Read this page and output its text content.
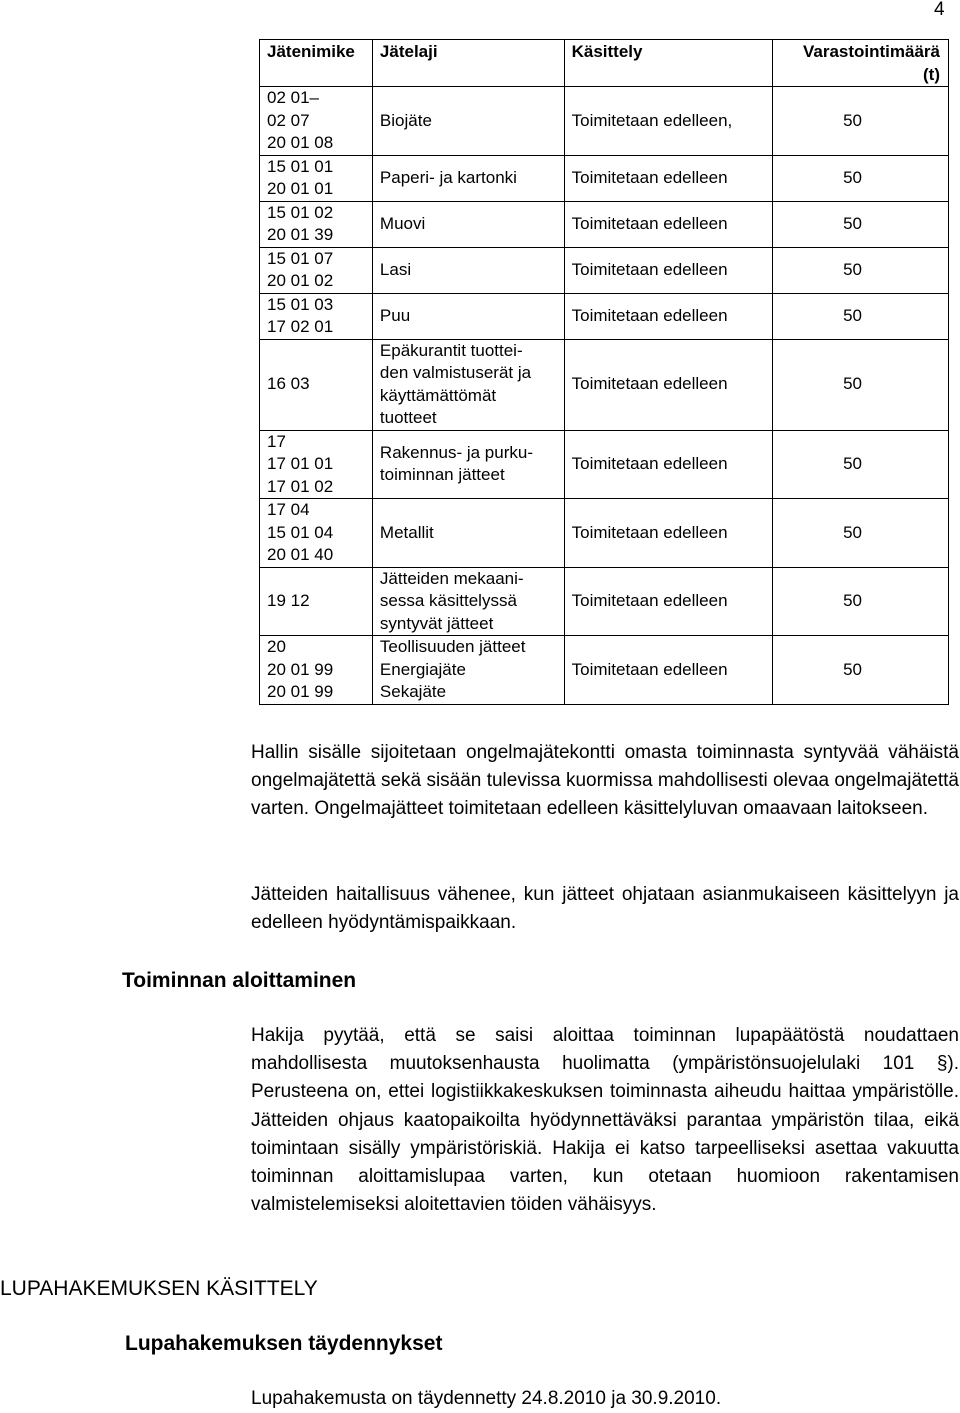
4
Jätenimike	Jätelaji	Käsittely	Varastointimäärä
(t)
02 01–
02 07
20 01 08	Biojäte	Toimitetaan edelleen,	50
15 01 01
20 01 01	Paperi- ja kartonki	Toimitetaan edelleen	50
15 01 02
20 01 39	Muovi	Toimitetaan edelleen	50
15 01 07
20 01 02	Lasi	Toimitetaan edelleen	50
15 01 03
17 02 01	Puu	Toimitetaan edelleen	50
16 03	Epäkurantit tuottei-
den valmistuserät ja
käyttämättömät
tuotteet	Toimitetaan edelleen	50
17
17 01 01
17 01 02	Rakennus- ja purku-
toiminnan jätteet	Toimitetaan edelleen	50
17 04
15 01 04
20 01 40	Metallit	Toimitetaan edelleen	50
19 12	Jätteiden mekaani-
sessa käsittelyssä
syntyvät jätteet	Toimitetaan edelleen	50
20
20 01 99
20 01 99	Teollisuuden jätteet
Energiajäte
Sekajäte	Toimitetaan edelleen	50

Hallin sisälle sijoitetaan ongelmajätekontti omasta toiminnasta syntyvää vähäistä ongelmajätettä sekä sisään tulevissa kuormissa mahdollisesti olevaa ongelmajätettä varten. Ongelmajätteet toimitetaan edelleen käsittelyluvan omaavaan laitokseen.

Jätteiden haitallisuus vähenee, kun jätteet ohjataan asianmukaiseen käsittelyyn ja edelleen hyödyntämispaikkaan.

Toiminnan aloittaminen

Hakija pyytää, että se saisi aloittaa toiminnan lupapäätöstä noudattaen mahdollisesta muutoksenhausta huolimatta (ympäristönsuojelulaki 101 §). Perusteena on, ettei logistiikkakeskuksen toiminnasta aiheudu haittaa ympäristölle. Jätteiden ohjaus kaatopaikoilta hyödynnettäväksi parantaa ympäristön tilaa, eikä toimintaan sisälly ympäristöriskiä. Hakija ei katso tarpeelliseksi asettaa vakuutta toiminnan aloittamislupaa varten, kun otetaan huomioon rakentamisen valmistelemiseksi aloitettavien töiden vähäisyys.

LUPAHAKEMUKSEN KÄSITTELY
Lupahakemuksen täydennykset

Lupahakemusta on täydennetty 24.8.2010 ja 30.9.2010.
